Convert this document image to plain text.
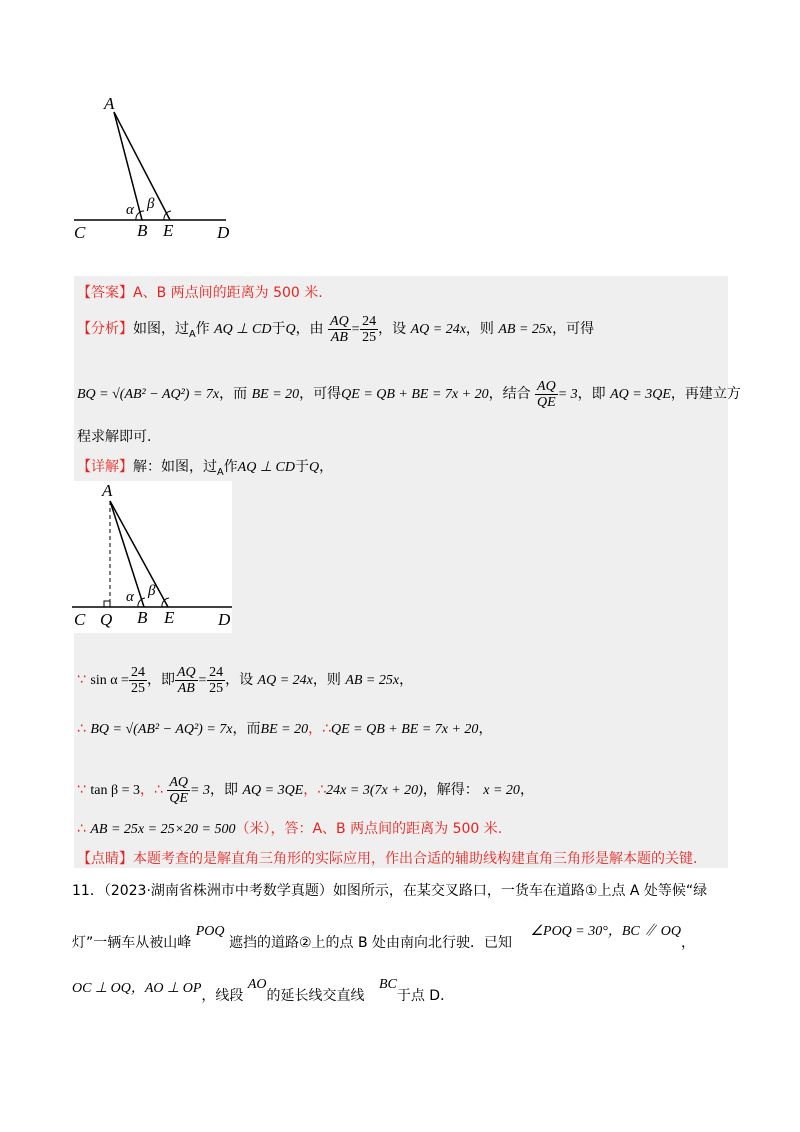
A
α β
C	B E	D
【答案】A、B 两点间的距离为 500 米.
【分析】如图，过$_A$作 AQ ⊥ CD于Q，由 $\frac{AQ}{AB} = \frac{24}{25}$ ，设 AQ = 24x，则 AB = 25x，可得
BQ = √(AB² − AQ²) = 7x，而 BE = 20，可得QE = QB + BE = 7x + 20，结合 $\frac{AQ}{QE} = 3$，即 AQ = 3QE，再建立方
程求解即可.
【详解】解：如图，过$_A$作AQ ⊥ CD于Q，
A
α β
C Q B E	D
∵ $\sin \alpha = \frac{24}{25}$ ，即 $\frac{AQ}{AB} = \frac{24}{25}$ ，设 AQ = 24x，则 AB = 25x，
∴ BQ = √(AB² − AQ²) = 7x，而BE = 20，∴QE = QB + BE = 7x + 20，
∵ tan β = 3，∴ $\frac{AQ}{QE} = 3$，即 AQ = 3QE，∴24x = 3(7x + 20)，解得： x = 20，
∴ AB = 25x = 25×20 = 500（米），答：A、B 两点间的距离为 500 米.
【点睛】本题考查的是解直角三角形的实际应用，作出合适的辅助线构建直角三角形是解本题的关键.
11．（2023·湖南省株洲市中考数学真题）如图所示，在某交叉路口，一货车在道路①上点 A 处等候“绿
灯”一辆车从被山峰 POQ 遮挡的道路②上的点 B 处由南向北行驶．已知 ∠POQ = 30°，BC ∥ OQ，
OC ⊥ OQ，AO ⊥ OP，线段 AO的延长线交直线 BC于点 D．
